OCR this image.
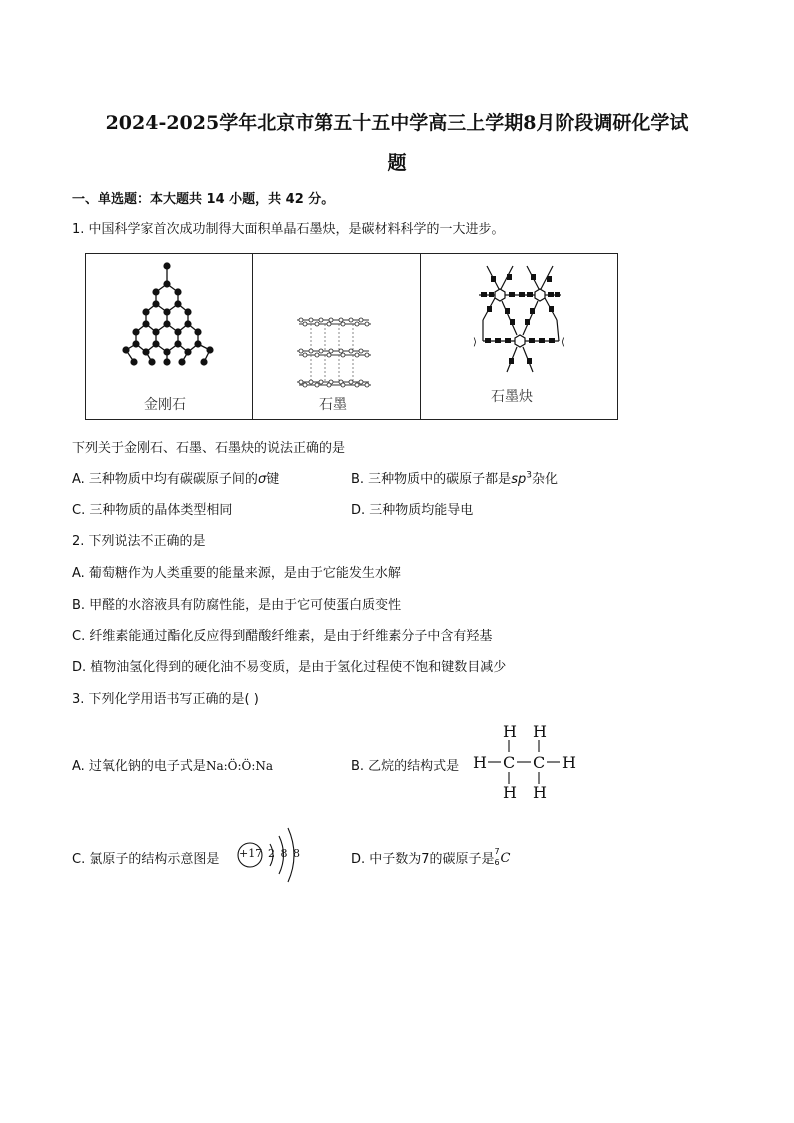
2024-2025学年北京市第五十五中学高三上学期8月阶段调研化学试
题
一、单选题：本大题共 14 小题，共 42 分。
1. 中国科学家首次成功制得大面积单晶石墨炔，是碳材料科学的一大进步。
金刚石	石墨
⟩	⟨
石墨炔
下列关于金刚石、石墨、石墨炔的说法正确的是
A. 三种物质中均有碳碳原子间的σ键	B. 三种物质中的碳原子都是$sp^3$杂化
C. 三种物质的晶体类型相同	D. 三种物质均能导电
2. 下列说法不正确的是
A. 葡萄糖作为人类重要的能量来源，是由于它能发生水解
B. 甲醛的水溶液具有防腐性能，是由于它可使蛋白质变性
C. 纤维素能通过酯化反应得到醋酸纤维素，是由于纤维素分子中含有羟基
D. 植物油氢化得到的硬化油不易变质，是由于氢化过程使不饱和键数目减少
3. 下列化学用语书写正确的是( )
A. 过氧化钠的电子式是Na:Ö:Ö:Na	B. 乙烷的结构式是
H H
H C C H
H H
C. 氯原子的结构示意图是 +17 2 8 8	D. 中子数为7的碳原子是
7
6 C
